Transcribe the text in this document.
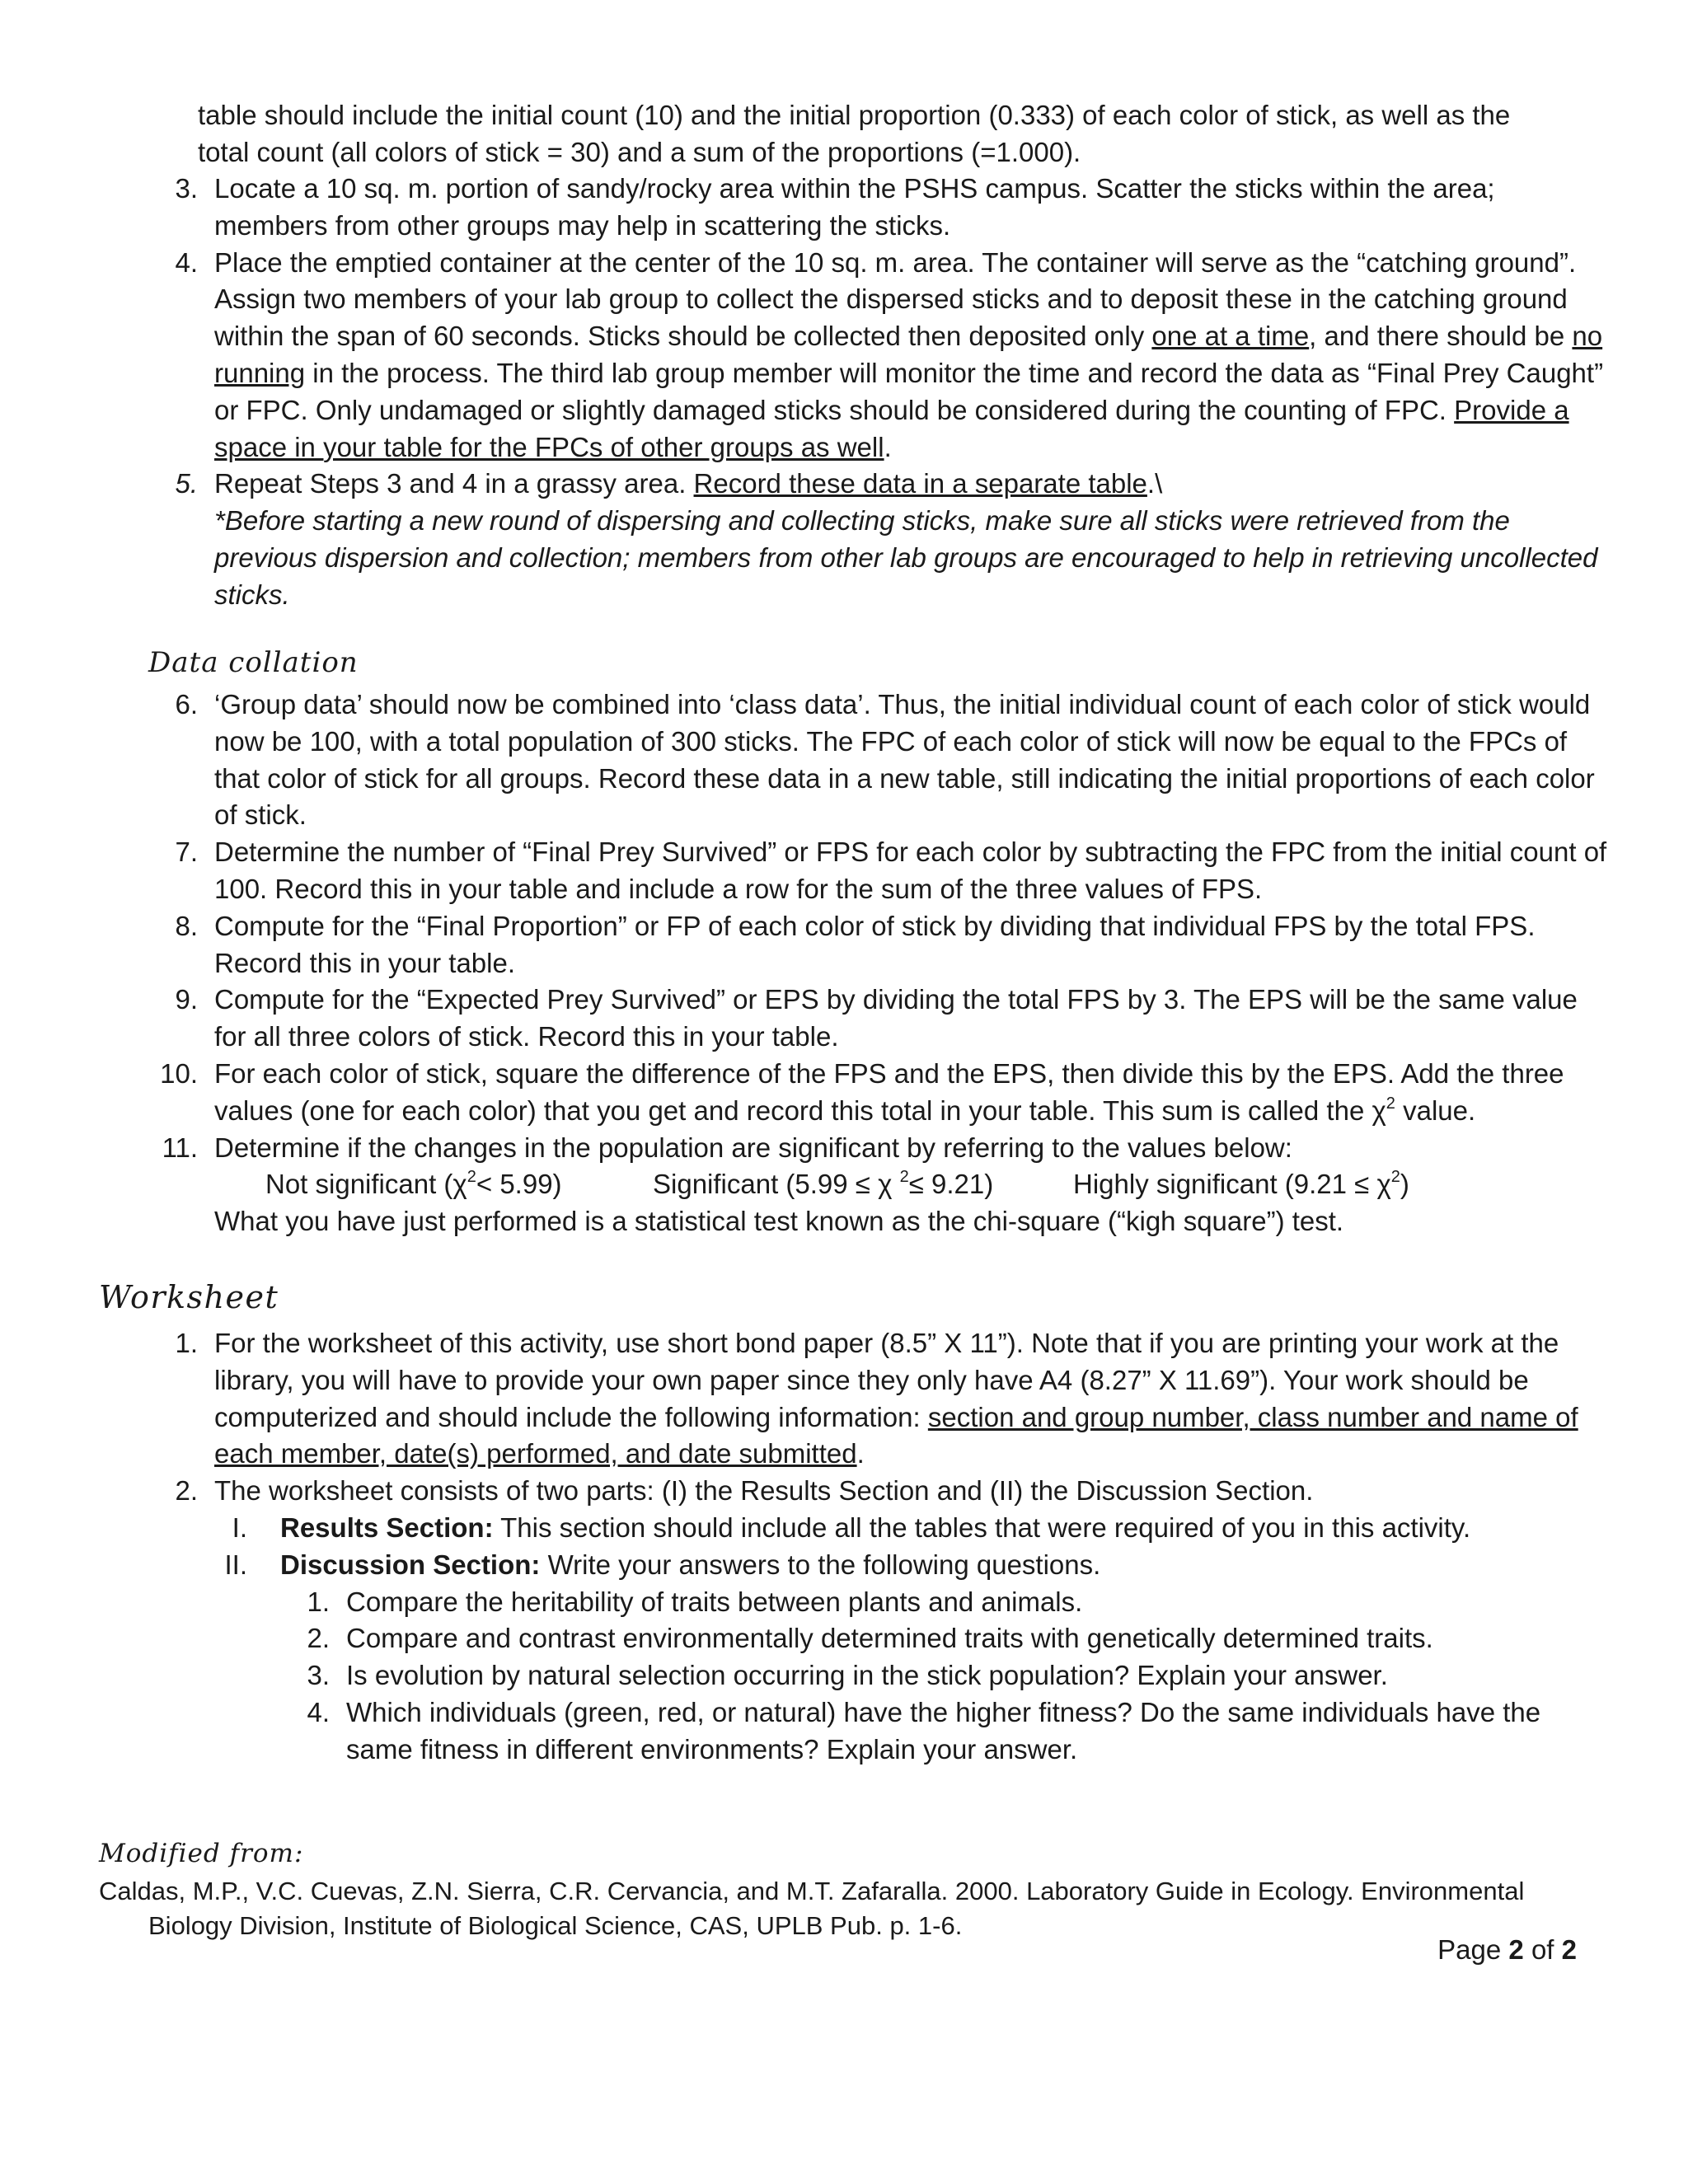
table should include the initial count (10) and the initial proportion (0.333) of each color of stick, as well as the
total count (all colors of stick = 30) and a sum of the proportions (=1.000).
3. Locate a 10 sq. m. portion of sandy/rocky area within the PSHS campus. Scatter the sticks within the area; members from other groups may help in scattering the sticks.
4. Place the emptied container at the center of the 10 sq. m. area. The container will serve as the “catching ground”. Assign two members of your lab group to collect the dispersed sticks and to deposit these in the catching ground within the span of 60 seconds. Sticks should be collected then deposited only one at a time, and there should be no running in the process. The third lab group member will monitor the time and record the data as “Final Prey Caught” or FPC. Only undamaged or slightly damaged sticks should be considered during the counting of FPC. Provide a space in your table for the FPCs of other groups as well.
5. Repeat Steps 3 and 4 in a grassy area. Record these data in a separate table.\
*Before starting a new round of dispersing and collecting sticks, make sure all sticks were retrieved from the previous dispersion and collection; members from other lab groups are encouraged to help in retrieving uncollected sticks.
Data collation
6. ‘Group data’ should now be combined into ‘class data’. Thus, the initial individual count of each color of stick would now be 100, with a total population of 300 sticks. The FPC of each color of stick will now be equal to the FPCs of that color of stick for all groups. Record these data in a new table, still indicating the initial proportions of each color of stick.
7. Determine the number of “Final Prey Survived” or FPS for each color by subtracting the FPC from the initial count of 100. Record this in your table and include a row for the sum of the three values of FPS.
8. Compute for the “Final Proportion” or FP of each color of stick by dividing that individual FPS by the total FPS. Record this in your table.
9. Compute for the “Expected Prey Survived” or EPS by dividing the total FPS by 3. The EPS will be the same value for all three colors of stick. Record this in your table.
10. For each color of stick, square the difference of the FPS and the EPS, then divide this by the EPS. Add the three values (one for each color) that you get and record this total in your table. This sum is called the $\chi^2$ value.
11. Determine if the changes in the population are significant by referring to the values below:
Not significant $(\chi^2< 5.99)$	Significant (5.99 ≤ χ $^2$≤ 9.21)	Highly significant $(9.21 \le \chi^2)$
What you have just performed is a statistical test known as the chi-square (“kigh square”) test.
Worksheet
1. For the worksheet of this activity, use short bond paper (8.5” X 11”). Note that if you are printing your work at the library, you will have to provide your own paper since they only have A4 (8.27” X 11.69”). Your work should be computerized and should include the following information: section and group number, class number and name of each member, date(s) performed, and date submitted.
2. The worksheet consists of two parts: (I) the Results Section and (II) the Discussion Section.
I.	Results Section: This section should include all the tables that were required of you in this activity.
II.	Discussion Section: Write your answers to the following questions.
1. Compare the heritability of traits between plants and animals.
2. Compare and contrast environmentally determined traits with genetically determined traits.
3. Is evolution by natural selection occurring in the stick population? Explain your answer.
4. Which individuals (green, red, or natural) have the higher fitness? Do the same individuals have the same fitness in different environments? Explain your answer.
Modified from:
Caldas, M.P., V.C. Cuevas, Z.N. Sierra, C.R. Cervancia, and M.T. Zafaralla. 2000. Laboratory Guide in Ecology. Environmental Biology Division, Institute of Biological Science, CAS, UPLB Pub. p. 1-6.
Page 2 of 2
